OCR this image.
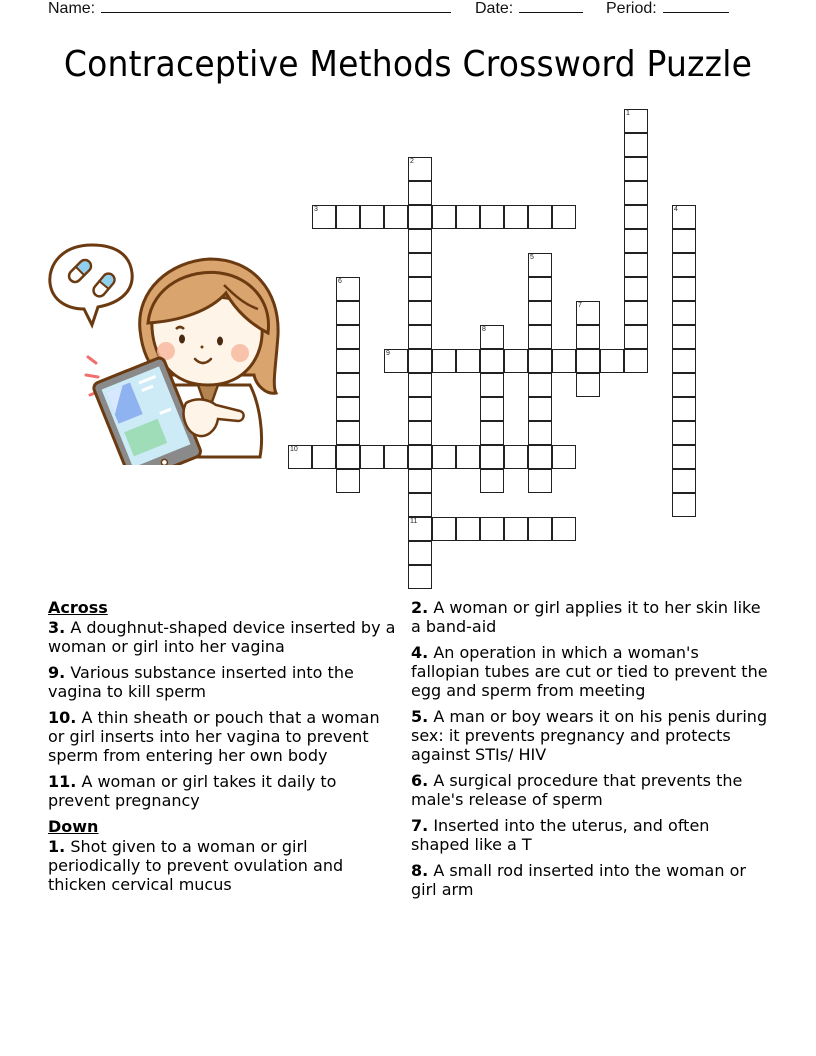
Name:	Date:	Period:
Contraceptive Methods Crossword Puzzle
1
2
11
3	4
5
6
7
8
9
10
Across
3. A doughnut-shaped device inserted by a woman or girl into her vagina
9. Various substance inserted into the vagina to kill sperm
10. A thin sheath or pouch that a woman or girl inserts into her vagina to prevent sperm from entering her own body
11. A woman or girl takes it daily to prevent pregnancy
Down
1. Shot given to a woman or girl periodically to prevent ovulation and thicken cervical mucus
2. A woman or girl applies it to her skin like a band-aid
4. An operation in which a woman's fallopian tubes are cut or tied to prevent the egg and sperm from meeting
5. A man or boy wears it on his penis during sex: it prevents pregnancy and protects against STIs/ HIV
6. A surgical procedure that prevents the male's release of sperm
7. Inserted into the uterus, and often shaped like a T
8. A small rod inserted into the woman or girl arm
